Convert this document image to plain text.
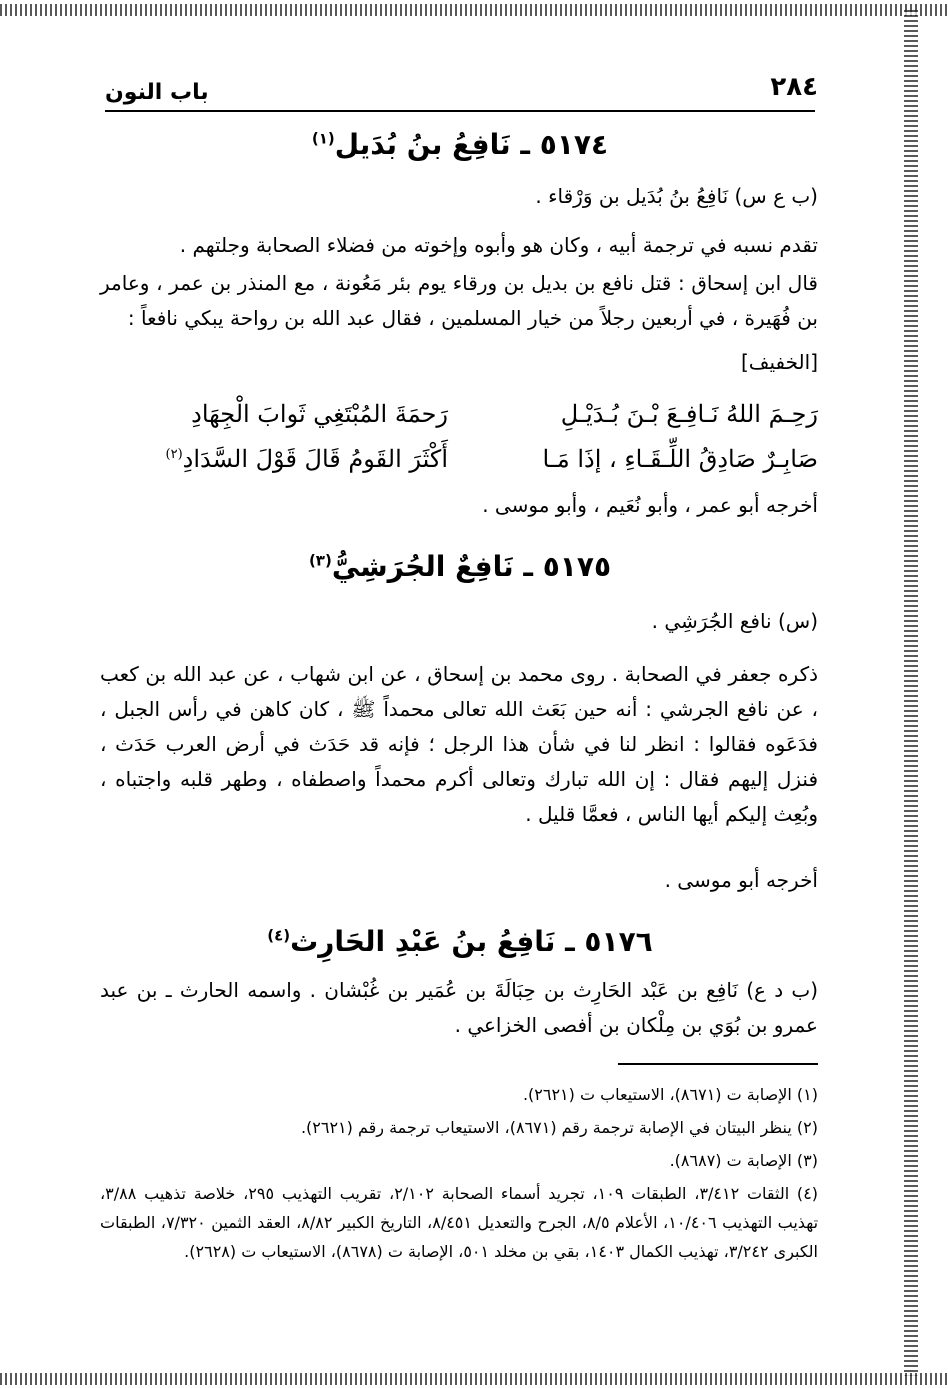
٢٨٤
باب النون
٥١٧٤ ـ نَافِعُ بنُ بُدَيل$^{(١)}$
(ب ع س) نَافِعُ بنُ بُدَيل بن وَرْقاء .
تقدم نسبه في ترجمة أبيه ، وكان هو وأبوه وإخوته من فضلاء الصحابة وجلتهم .
قال ابن إسحاق : قتل نافع بن بديل بن ورقاء يوم بئر مَعُونة ، مع المنذر بن عمر ، وعامر بن فُهَيرة ، في أربعين رجلاً من خيار المسلمين ، فقال عبد الله بن رواحة يبكي نافعاً :
[الخفيف]
رَحِـمَ اللهُ نَـافِـعَ بْـنَ بُـدَيْـلِ
رَحمَةَ المُبْتَغِي ثَوابَ الْجِهَادِ
صَابِـرٌ صَادِقُ اللِّـقَـاءِ ، إذَا مَـا
أَكْثَرَ القَومُ قَالَ قَوْلَ السَّدَادِ$^{(٢)}$
أخرجه أبو عمر ، وأبو نُعَيم ، وأبو موسى .
٥١٧٥ ـ نَافِعٌ الجُرَشِيُّ$^{(٣)}$
(س) نافع الجُرَشِي .
ذكره جعفر في الصحابة . روى محمد بن إسحاق ، عن ابن شهاب ، عن عبد الله بن كعب ، عن نافع الجرشي : أنه حين بَعَث الله تعالى محمداً ﷺ ، كان كاهن في رأس الجبل ، فدَعَوه فقالوا : انظر لنا في شأن هذا الرجل ؛ فإنه قد حَدَث في أرض العرب حَدَث ، فنزل إليهم فقال : إن الله تبارك وتعالى أكرم محمداً واصطفاه ، وطهر قلبه واجتباه ، وبُعِث إليكم أيها الناس ، فعمَّا قليل .
أخرجه أبو موسى .
٥١٧٦ ـ نَافِعُ بنُ عَبْدِ الحَارِث$^{(٤)}$
(ب د ع) نَافِع بن عَبْد الحَارِث بن حِبَالَةَ بن عُمَير بن غُبْشان . واسمه الحارث ـ بن عبد عمرو بن بُوَي بن مِلْكان بن أفصى الخزاعي .
(١) الإصابة ت (٨٦٧١)، الاستيعاب ت (٢٦٢١).
(٢) ينظر البيتان في الإصابة ترجمة رقم (٨٦٧١)، الاستيعاب ترجمة رقم (٢٦٢١).
(٣) الإصابة ت (٨٦٨٧).
(٤) الثقات ٣/٤١٢، الطبقات ١٠٩، تجريد أسماء الصحابة ٢/١٠٢، تقريب التهذيب ٢٩٥، خلاصة تذهيب ٣/٨٨، تهذيب التهذيب ١٠/٤٠٦، الأعلام ٨/٥، الجرح والتعديل ٨/٤٥١، التاريخ الكبير ٨/٨٢، العقد الثمين ٧/٣٢٠، الطبقات الكبرى ٣/٢٤٢، تهذيب الكمال ١٤٠٣، بقي بن مخلد ٥٠١، الإصابة ت (٨٦٧٨)، الاستيعاب ت (٢٦٢٨).
